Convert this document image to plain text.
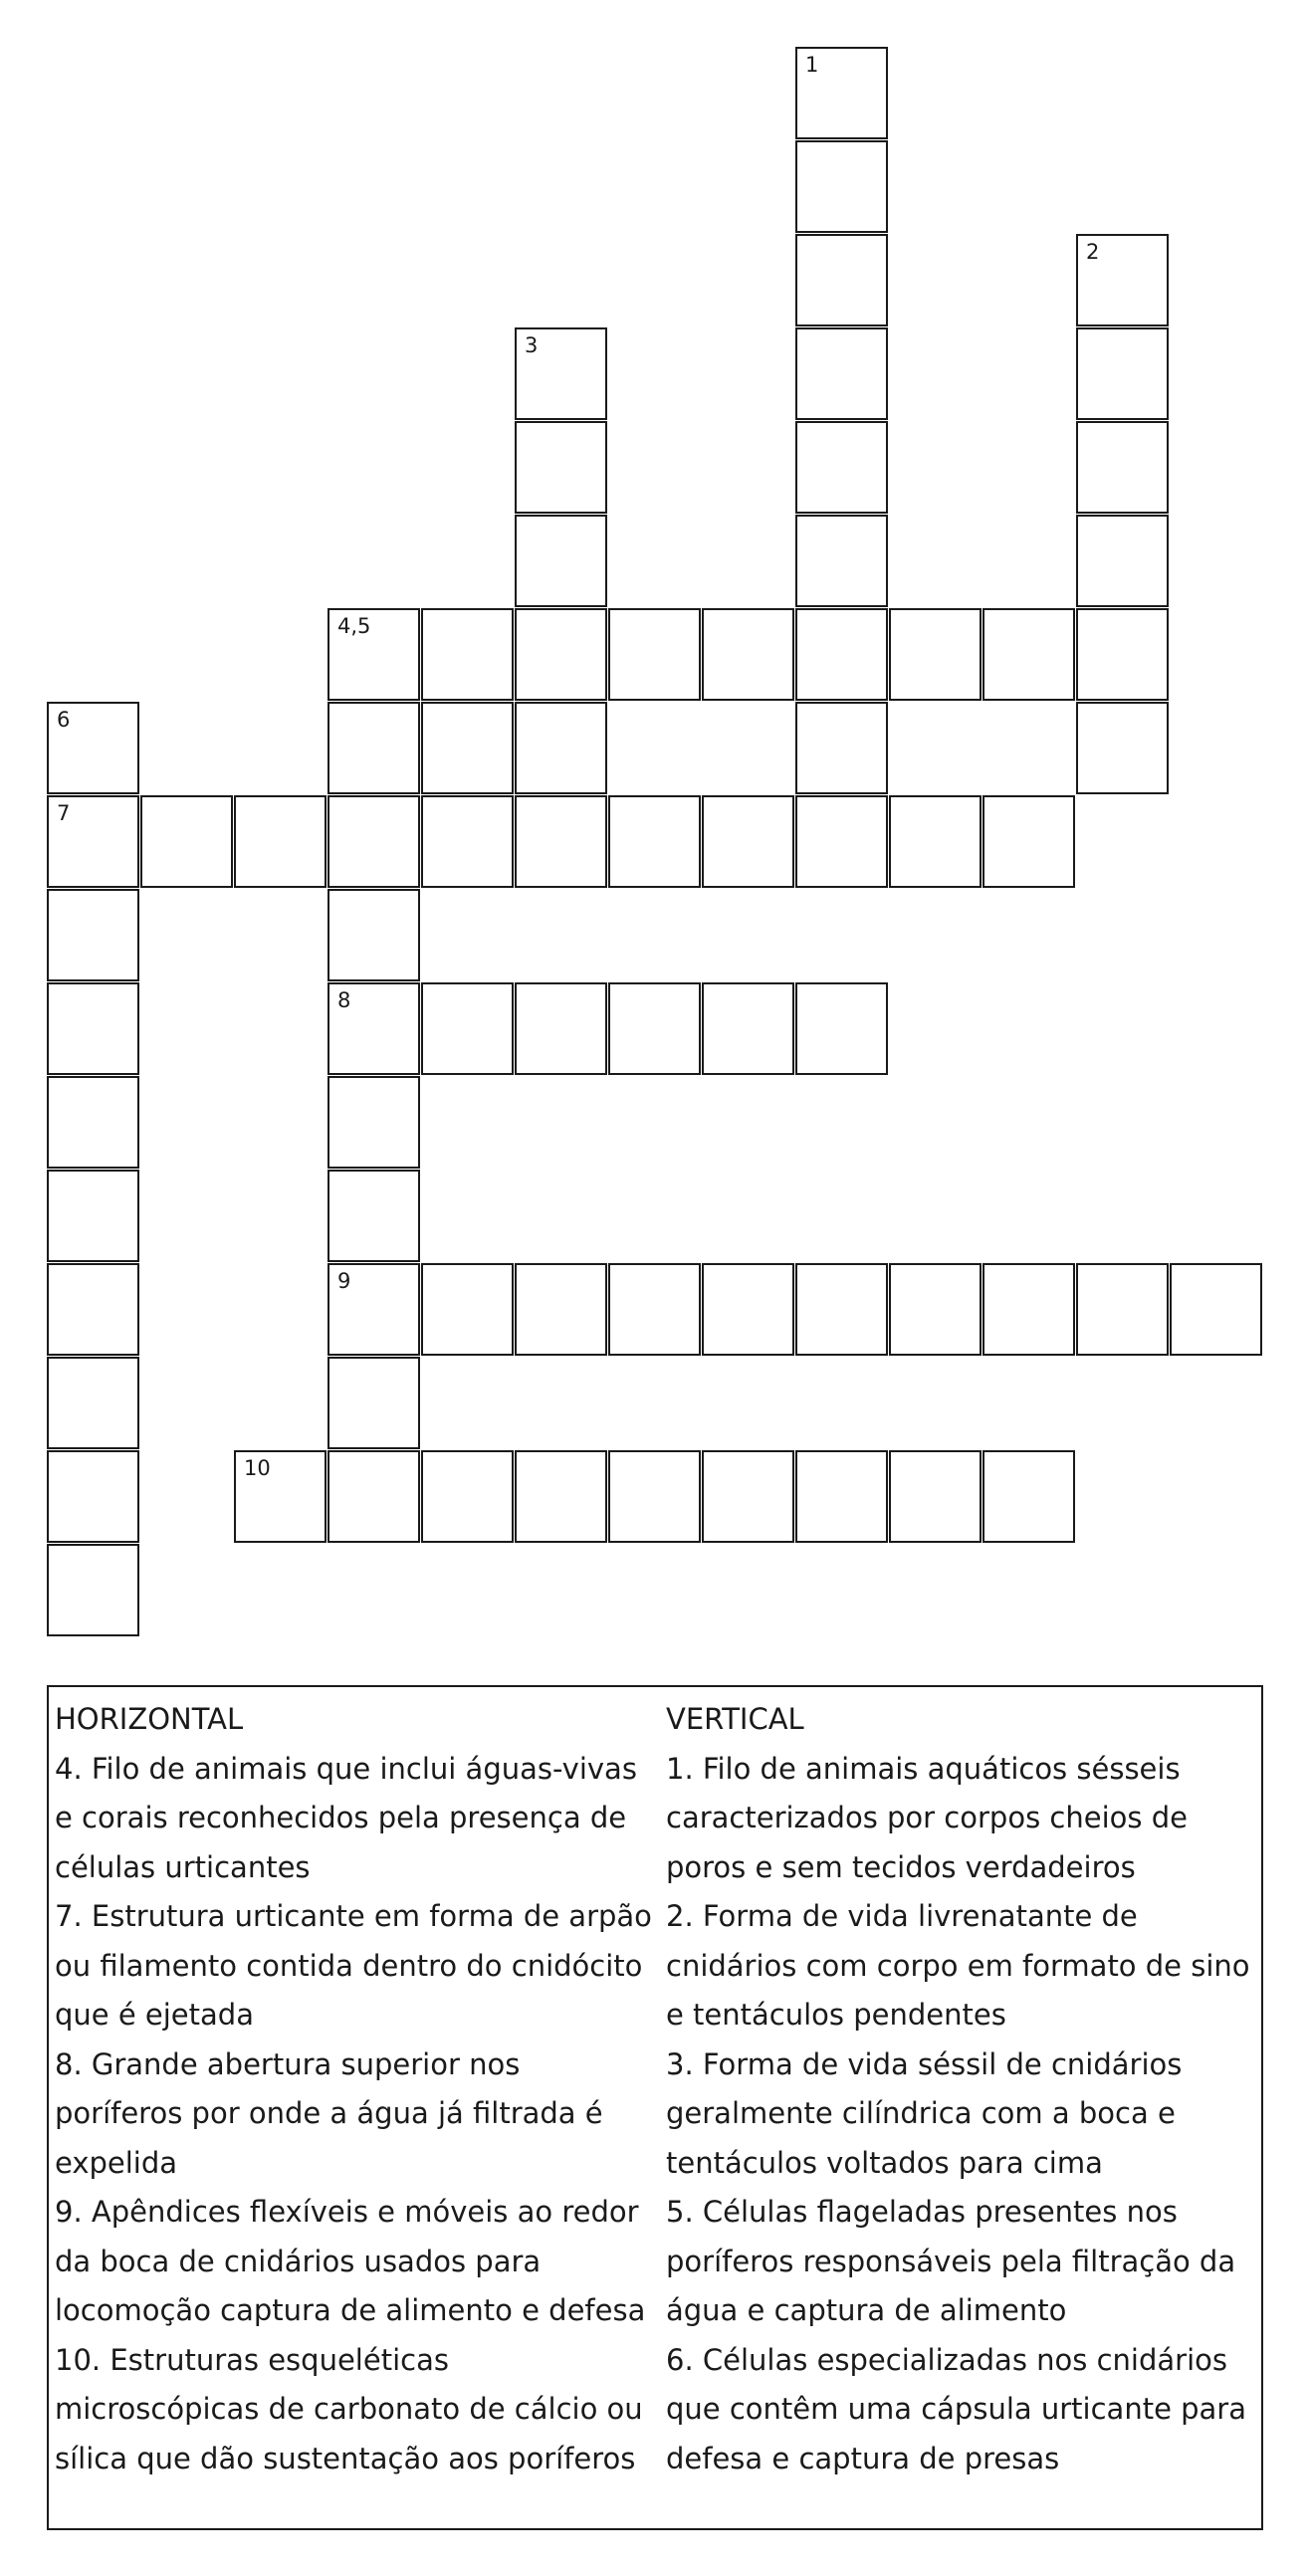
1
2
3
4,5
8
9
6
7
10
HORIZONTAL
4. Filo de animais que inclui águas-vivas e corais reconhecidos pela presença de células urticantes
7. Estrutura urticante em forma de arpão ou filamento contida dentro do cnidócito que é ejetada
8. Grande abertura superior nos poríferos por onde a água já filtrada é expelida
9. Apêndices flexíveis e móveis ao redor da boca de cnidários usados para locomoção captura de alimento e defesa
10. Estruturas esqueléticas microscópicas de carbonato de cálcio ou sílica que dão sustentação aos poríferos
VERTICAL
1. Filo de animais aquáticos sésseis caracterizados por corpos cheios de poros e sem tecidos verdadeiros
2. Forma de vida livrenatante de cnidários com corpo em formato de sino e tentáculos pendentes
3. Forma de vida séssil de cnidários geralmente cilíndrica com a boca e tentáculos voltados para cima
5. Células flageladas presentes nos poríferos responsáveis pela filtração da água e captura de alimento
6. Células especializadas nos cnidários que contêm uma cápsula urticante para defesa e captura de presas
